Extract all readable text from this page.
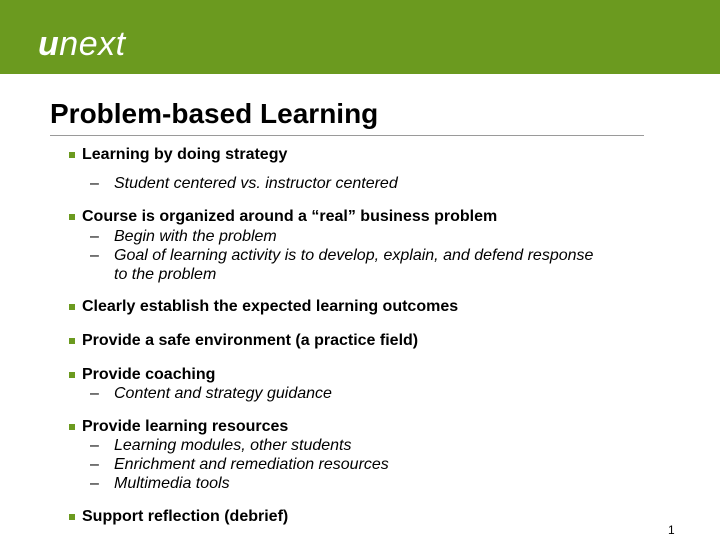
unext
Problem-based Learning
Learning by doing strategy
– Student centered vs. instructor centered
Course is organized around a “real” business problem
– Begin with the problem
– Goal of learning activity is to develop, explain, and defend response to the problem
Clearly establish the expected learning outcomes
Provide a safe environment (a practice field)
Provide coaching
– Content and strategy guidance
Provide learning resources
– Learning modules, other students
– Enrichment and remediation resources
– Multimedia tools
Support reflection (debrief)
1
